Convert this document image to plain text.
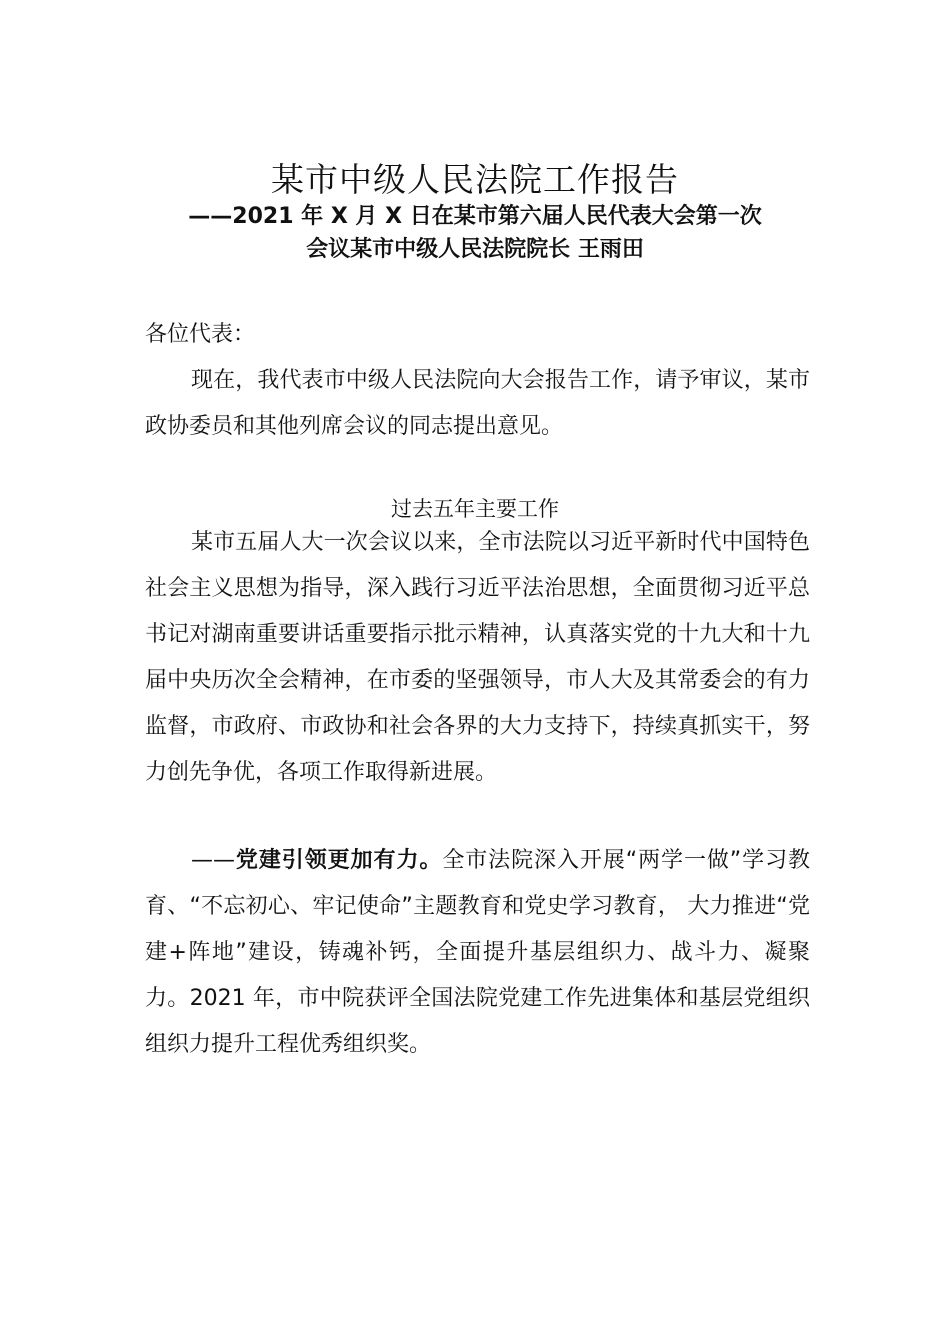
某市中级人民法院工作报告
——2021 年 X 月 X 日在某市第六届人民代表大会第一次
会议某市中级人民法院院长 王雨田

各位代表：

现在，我代表市中级人民法院向大会报告工作，请予审议，某市政协委员和其他列席会议的同志提出意见。

过去五年主要工作

某市五届人大一次会议以来，全市法院以习近平新时代中国特色社会主义思想为指导，深入践行习近平法治思想，全面贯彻习近平总书记对湖南重要讲话重要指示批示精神，认真落实党的十九大和十九届中央历次全会精神，在市委的坚强领导，市人大及其常委会的有力监督，市政府、市政协和社会各界的大力支持下，持续真抓实干，努力创先争优，各项工作取得新进展。

——党建引领更加有力。全市法院深入开展“两学一做”学习教育、“不忘初心、牢记使命”主题教育和党史学习教育， 大力推进“党建+阵地”建设，铸魂补钙，全面提升基层组织力、战斗力、凝聚力。2021 年，市中院获评全国法院党建工作先进集体和基层党组织组织力提升工程优秀组织奖。
